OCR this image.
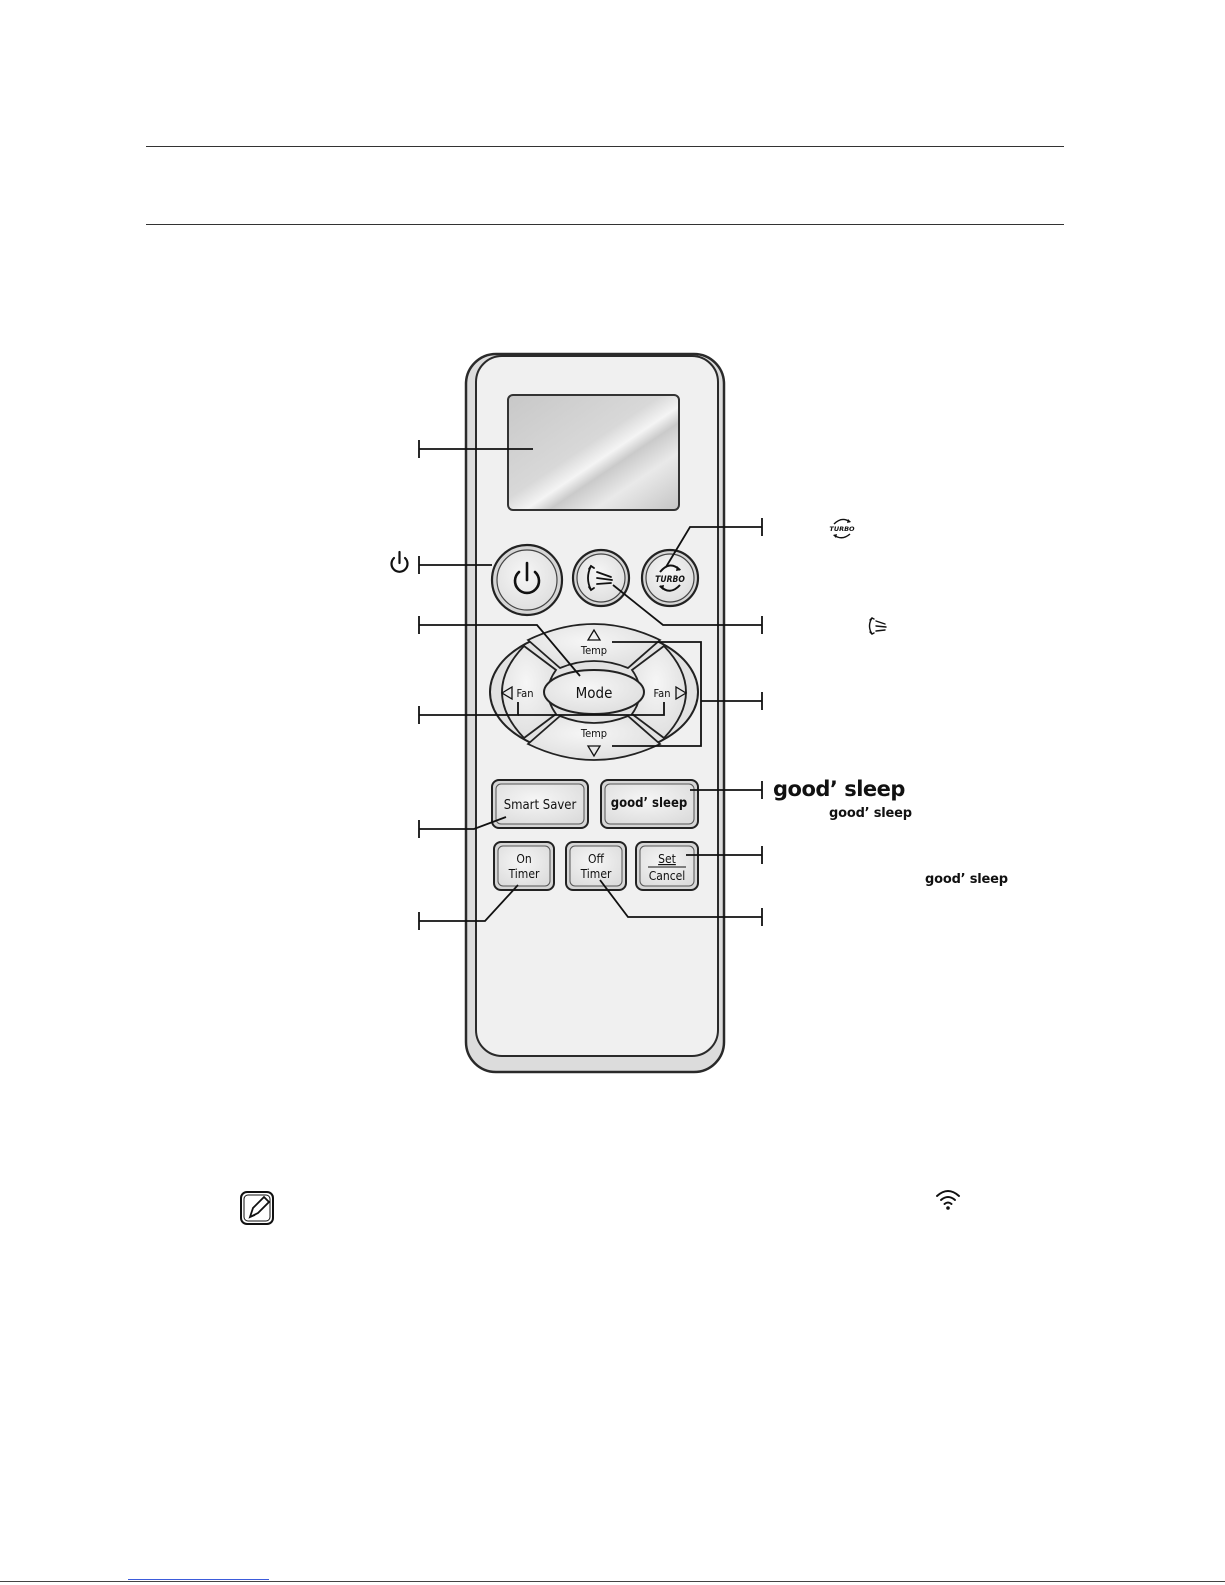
TURBO
Mode
Temp
Temp
Fan	Fan
Smart Saver	good’ sleep
On
Timer
Off
Timer
Set
Cancel
TURBO
good’ sleep
good’ sleep
good’ sleep
